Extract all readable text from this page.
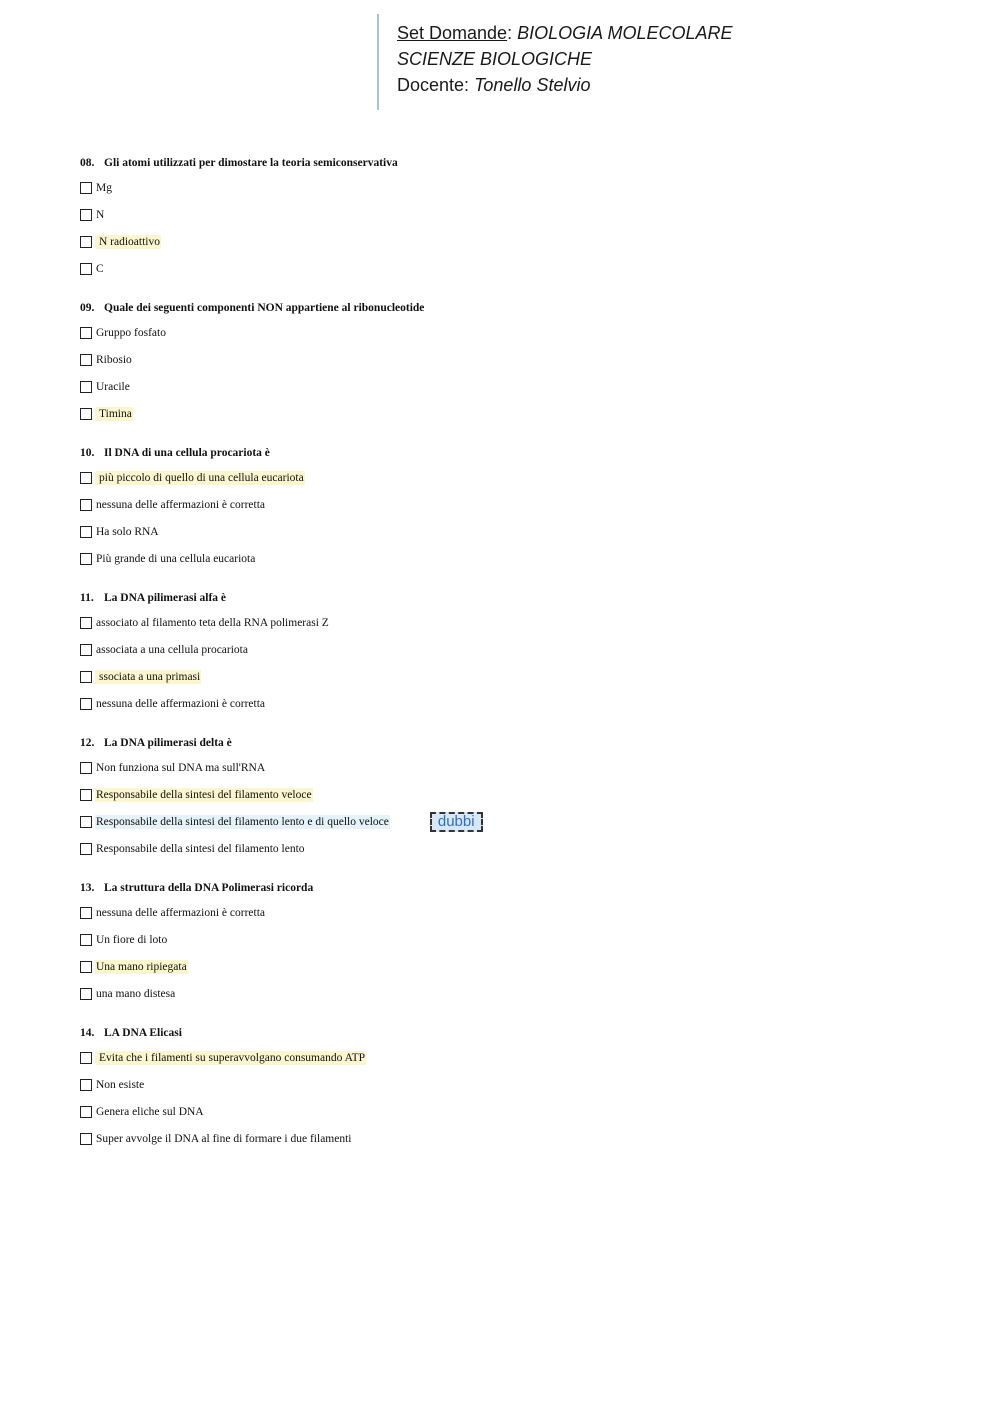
Set Domande: BIOLOGIA MOLECOLARE
SCIENZE BIOLOGICHE
Docente: Tonello Stelvio
08. Gli atomi utilizzati per dimostare la teoria semiconservativa
Mg
N
N radioattivo
C
09. Quale dei seguenti componenti NON appartiene al ribonucleotide
Gruppo fosfato
Ribosio
Uracile
Timina
10. Il DNA di una cellula procariota è
più piccolo di quello di una cellula eucariota
nessuna delle affermazioni è corretta
Ha solo RNA
Più grande di una cellula eucariota
11. La DNA pilimerasi alfa è
associato al filamento teta della RNA polimerasi Z
associata a una cellula procariota
ssociata a una primasi
nessuna delle affermazioni è corretta
12. La DNA pilimerasi delta è
Non funziona sul DNA ma sull'RNA
Responsabile della sintesi del filamento veloce
Responsabile della sintesi del filamento lento e di quello veloce	dubbi
Responsabile della sintesi del filamento lento
13. La struttura della DNA Polimerasi ricorda
nessuna delle affermazioni è corretta
Un fiore di loto
Una mano ripiegata
una mano distesa
14. LA DNA Elicasi
Evita che i filamenti su superavvolgano consumando ATP
Non esiste
Genera eliche sul DNA
Super avvolge il DNA al fine di formare i due filamenti
